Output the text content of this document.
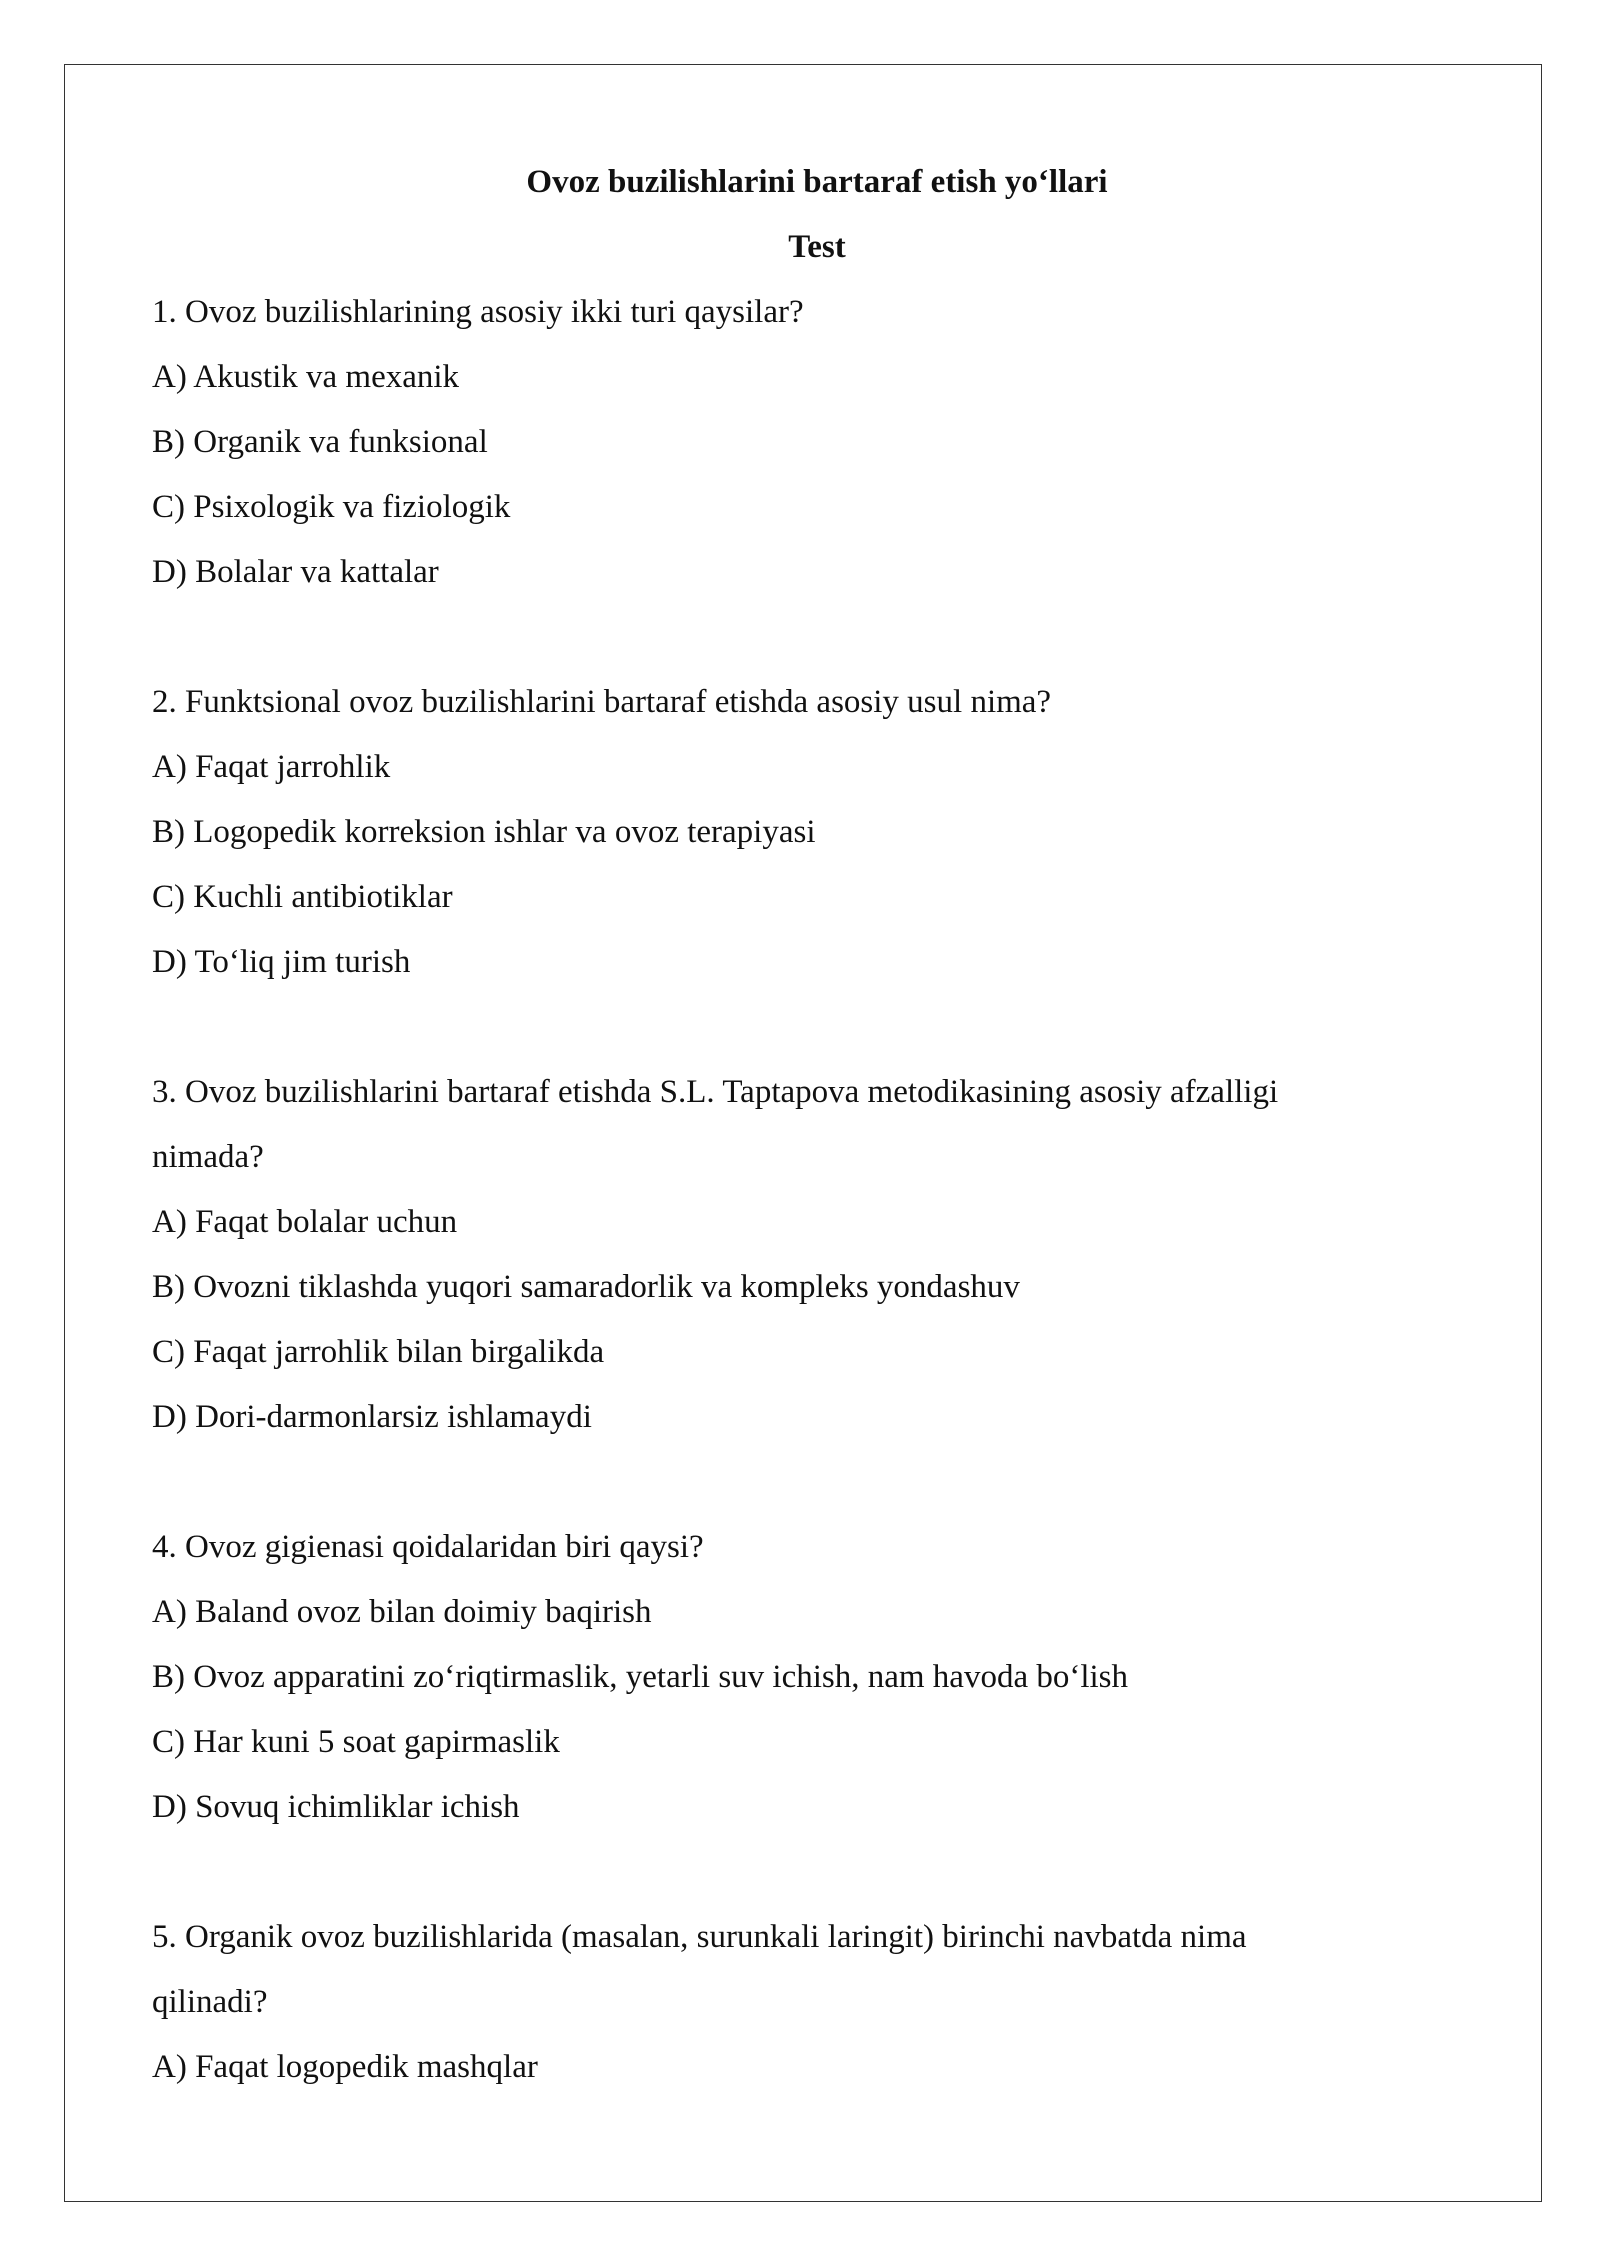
Ovoz buzilishlarini bartaraf etish yo‘llari

Test

1. Ovoz buzilishlarining asosiy ikki turi qaysilar?

A) Akustik va mexanik

B) Organik va funksional

C) Psixologik va fiziologik

D) Bolalar va kattalar

2. Funktsional ovoz buzilishlarini bartaraf etishda asosiy usul nima?

A) Faqat jarrohlik

B) Logopedik korreksion ishlar va ovoz terapiyasi

C) Kuchli antibiotiklar

D) To‘liq jim turish

3. Ovoz buzilishlarini bartaraf etishda S.L. Taptapova metodikasining asosiy afzalligi

nimada?

A) Faqat bolalar uchun

B) Ovozni tiklashda yuqori samaradorlik va kompleks yondashuv

C) Faqat jarrohlik bilan birgalikda

D) Dori-darmonlarsiz ishlamaydi

4. Ovoz gigienasi qoidalaridan biri qaysi?

A) Baland ovoz bilan doimiy baqirish

B) Ovoz apparatini zo‘riqtirmaslik, yetarli suv ichish, nam havoda bo‘lish

C) Har kuni 5 soat gapirmaslik

D) Sovuq ichimliklar ichish

5. Organik ovoz buzilishlarida (masalan, surunkali laringit) birinchi navbatda nima

qilinadi?

A) Faqat logopedik mashqlar
